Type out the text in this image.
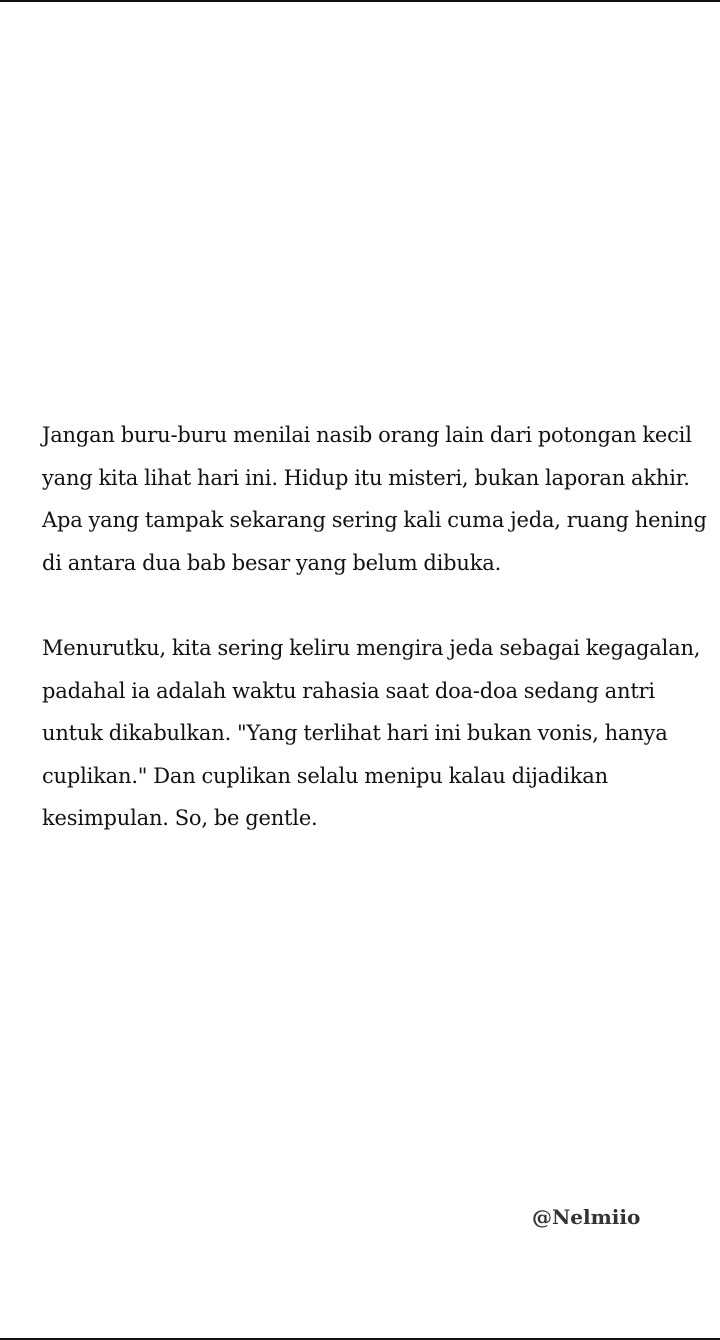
Jangan buru-buru menilai nasib orang lain dari potongan kecil
yang kita lihat hari ini. Hidup itu misteri, bukan laporan akhir.
Apa yang tampak sekarang sering kali cuma jeda, ruang hening
di antara dua bab besar yang belum dibuka.

Menurutku, kita sering keliru mengira jeda sebagai kegagalan,
padahal ia adalah waktu rahasia saat doa-doa sedang antri
untuk dikabulkan. "Yang terlihat hari ini bukan vonis, hanya
cuplikan." Dan cuplikan selalu menipu kalau dijadikan
kesimpulan. So, be gentle.

@Nelmiio
